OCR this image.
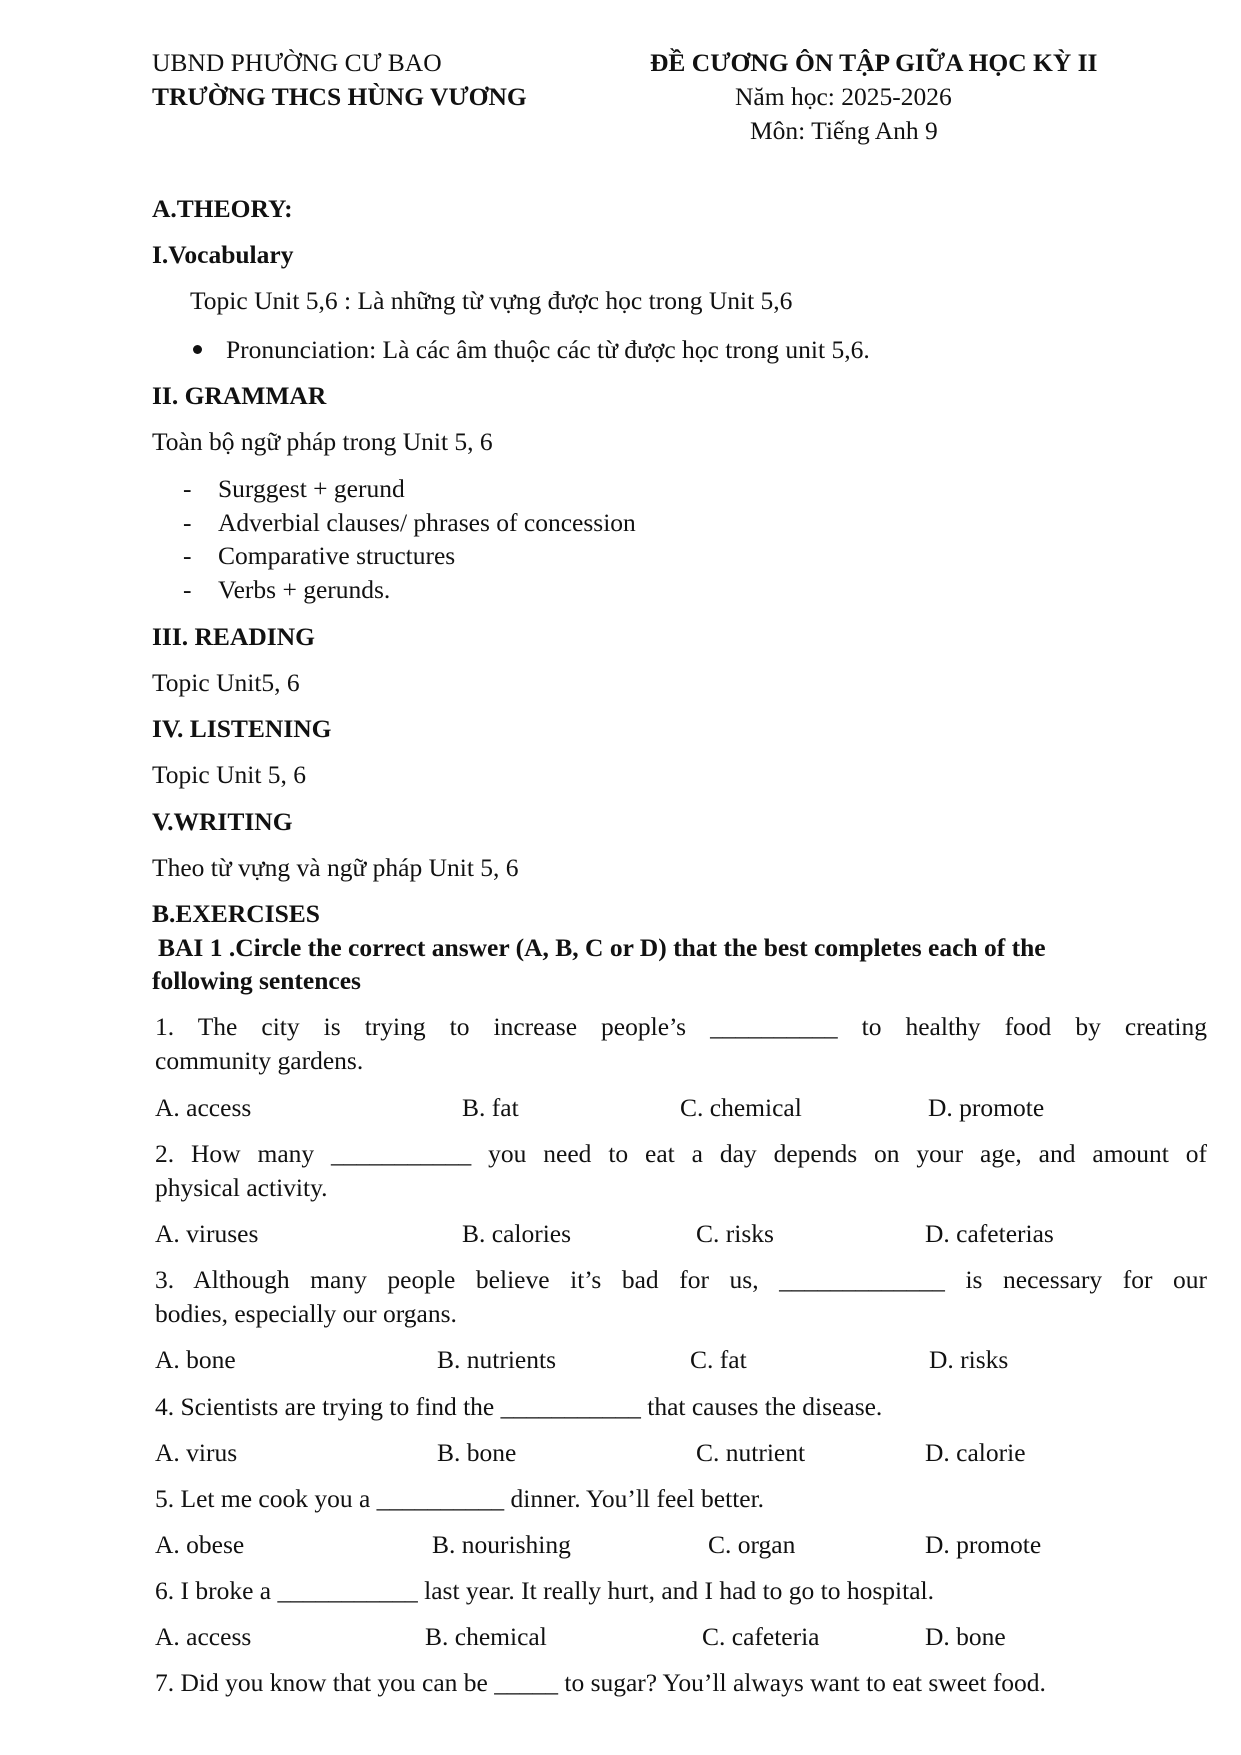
UBND PHƯỜNG CƯ BAO
TRƯỜNG THCS HÙNG VƯƠNG
ĐỀ CƯƠNG ÔN TẬP GIỮA HỌC KỲ II
Năm học: 2025-2026
Môn: Tiếng Anh 9
A.THEORY:
I.Vocabulary
Topic Unit 5,6 : Là những từ vựng được học trong Unit 5,6
Pronunciation: Là các âm thuộc các từ được học trong unit 5,6.
II. GRAMMAR
Toàn bộ ngữ pháp trong Unit 5, 6
- Surggest + gerund
- Adverbial clauses/ phrases of concession
- Comparative structures
- Verbs + gerunds.
III. READING
Topic Unit5, 6
IV. LISTENING
Topic Unit 5, 6
V.WRITING
Theo từ vựng và ngữ pháp Unit 5, 6
B.EXERCISES
BAI 1 .Circle the correct answer (A, B, C or D) that the best completes each of the
following sentences
1. The city is trying to increase people’s __________ to healthy food by creating
community gardens.
A. access	B. fat	C. chemical	D. promote
2. How many ___________ you need to eat a day depends on your age, and amount of
physical activity.
A. viruses	B. calories	C. risks	D. cafeterias
3. Although many people believe it’s bad for us, _____________ is necessary for our
bodies, especially our organs.
A. bone	B. nutrients	C. fat	D. risks
4. Scientists are trying to find the ___________ that causes the disease.
A. virus	B. bone	C. nutrient	D. calorie
5. Let me cook you a __________ dinner. You’ll feel better.
A. obese	B. nourishing	C. organ	D. promote
6. I broke a ___________ last year. It really hurt, and I had to go to hospital.
A. access	B. chemical	C. cafeteria	D. bone
7. Did you know that you can be _____ to sugar? You’ll always want to eat sweet food.
